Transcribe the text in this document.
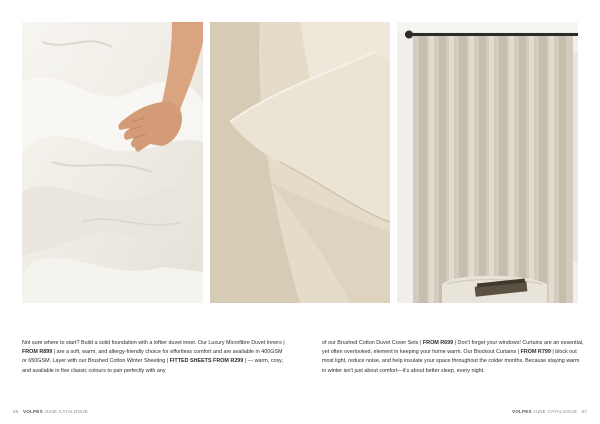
Not sure where to start? Build a solid foundation with a loftier duvet inner. Our Luxury Microfibre Duvet Inners | FROM R899 | are a soft, warm, and allergy-friendly choice for effortless comfort and are available in 400GSM or 650GSM. Layer with our Brushed Cotton Winter Sheeting | FITTED SHEETS FROM R299 | — warm, cosy, and available in five classic colours to pair perfectly with any
of our Brushed Cotton Duvet Cover Sets | FROM R699 | Don't forget your windows! Curtains are an essential, yet often overlooked, element in keeping your home warm. Our Blockout Curtains | FROM R799 | block out most light, reduce noise, and help insulate your space throughout the colder months. Because staying warm in winter isn't just about comfort—it's about better sleep, every night.
56 VOLPES JUNE CATALOGUE	VOLPES JUNE CATALOGUE 57
